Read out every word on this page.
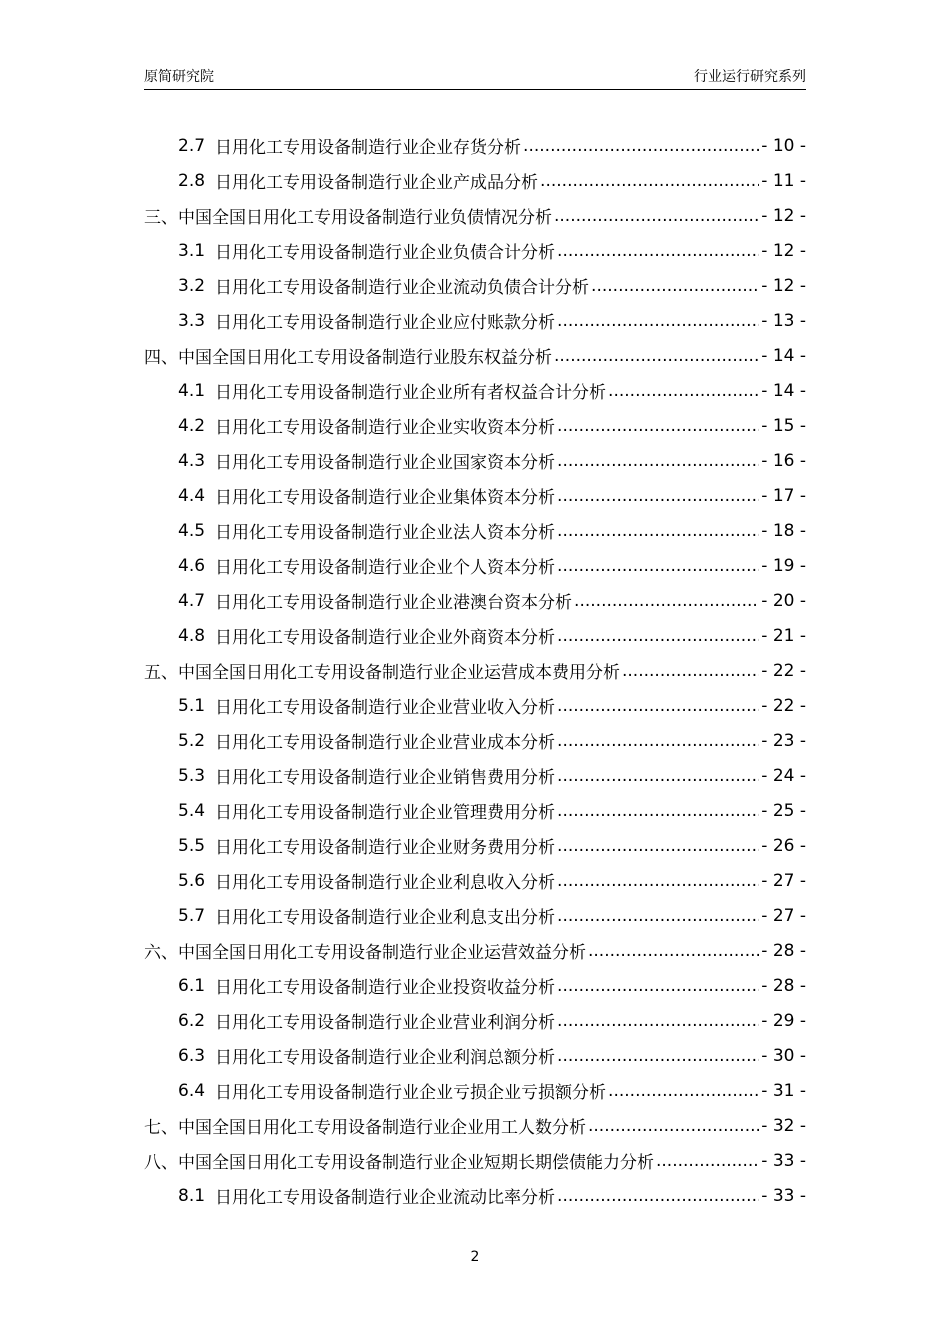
原简研究院	行业运行研究系列
2.7 日用化工专用设备制造行业企业存货分析 .....	- 10 -
2.8 日用化工专用设备制造行业企业产成品分析 .....	- 11 -
三、中国全国日用化工专用设备制造行业负债情况分析 .....	- 12 -
3.1 日用化工专用设备制造行业企业负债合计分析 .....	- 12 -
3.2 日用化工专用设备制造行业企业流动负债合计分析 .....	- 12 -
3.3 日用化工专用设备制造行业企业应付账款分析 .....	- 13 -
四、中国全国日用化工专用设备制造行业股东权益分析 .....	- 14 -
4.1 日用化工专用设备制造行业企业所有者权益合计分析 .....	- 14 -
4.2 日用化工专用设备制造行业企业实收资本分析 .....	- 15 -
4.3 日用化工专用设备制造行业企业国家资本分析 .....	- 16 -
4.4 日用化工专用设备制造行业企业集体资本分析 .....	- 17 -
4.5 日用化工专用设备制造行业企业法人资本分析 .....	- 18 -
4.6 日用化工专用设备制造行业企业个人资本分析 .....	- 19 -
4.7 日用化工专用设备制造行业企业港澳台资本分析 .....	- 20 -
4.8 日用化工专用设备制造行业企业外商资本分析 .....	- 21 -
五、中国全国日用化工专用设备制造行业企业运营成本费用分析 .....	- 22 -
5.1 日用化工专用设备制造行业企业营业收入分析 .....	- 22 -
5.2 日用化工专用设备制造行业企业营业成本分析 .....	- 23 -
5.3 日用化工专用设备制造行业企业销售费用分析 .....	- 24 -
5.4 日用化工专用设备制造行业企业管理费用分析 .....	- 25 -
5.5 日用化工专用设备制造行业企业财务费用分析 .....	- 26 -
5.6 日用化工专用设备制造行业企业利息收入分析 .....	- 27 -
5.7 日用化工专用设备制造行业企业利息支出分析 .....	- 27 -
六、中国全国日用化工专用设备制造行业企业运营效益分析 .....	- 28 -
6.1 日用化工专用设备制造行业企业投资收益分析 .....	- 28 -
6.2 日用化工专用设备制造行业企业营业利润分析 .....	- 29 -
6.3 日用化工专用设备制造行业企业利润总额分析 .....	- 30 -
6.4 日用化工专用设备制造行业企业亏损企业亏损额分析 .....	- 31 -
七、中国全国日用化工专用设备制造行业企业用工人数分析 .....	- 32 -
八、中国全国日用化工专用设备制造行业企业短期长期偿债能力分析 .....	- 33 -
8.1 日用化工专用设备制造行业企业流动比率分析 .....	- 33 -
2
